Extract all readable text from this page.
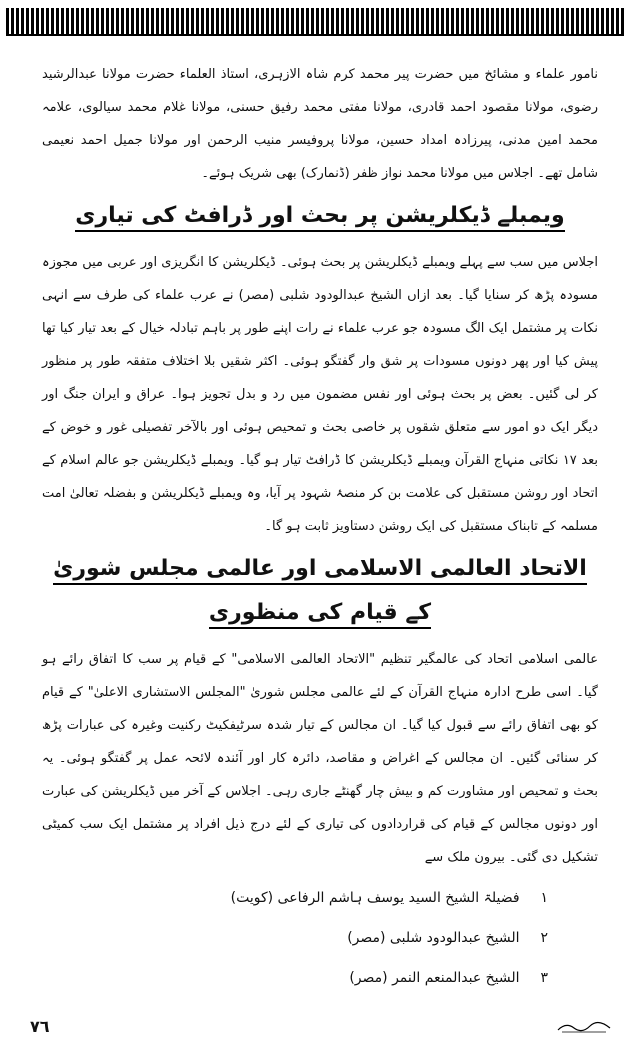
نامور علماء و مشائخ میں حضرت پیر محمد کرم شاہ الازہری، استاذ العلماء حضرت مولانا عبدالرشید رضوی، مولانا مقصود احمد قادری، مولانا مفتی محمد رفیق حسنی، مولانا غلام محمد سیالوی، علامہ محمد امین مدنی، پیرزادہ امداد حسین، مولانا پروفیسر منیب الرحمن اور مولانا جمیل احمد نعیمی شامل تھے۔ اجلاس میں مولانا محمد نواز ظفر (ڈنمارک) بھی شریک ہوئے۔

ویمبلے ڈیکلریشن پر بحث اور ڈرافٹ کی تیاری

اجلاس میں سب سے پہلے ویمبلے ڈیکلریشن پر بحث ہوئی۔ ڈیکلریشن کا انگریزی اور عربی میں مجوزہ مسودہ پڑھ کر سنایا گیا۔ بعد ازاں الشیخ عبدالودود شلبی (مصر) نے عرب علماء کی طرف سے انہی نکات پر مشتمل ایک الگ مسودہ جو عرب علماء نے رات اپنے طور پر باہم تبادلہ خیال کے بعد تیار کیا تھا پیش کیا اور پھر دونوں مسودات پر شق وار گفتگو ہوئی۔ اکثر شقیں بلا اختلاف متفقہ طور پر منظور کر لی گئیں۔ بعض پر بحث ہوئی اور نفس مضمون میں رد و بدل تجویز ہوا۔ عراق و ایران جنگ اور دیگر ایک دو امور سے متعلق شقوں پر خاصی بحث و تمحیص ہوئی اور بالآخر تفصیلی غور و خوض کے بعد ١٧ نکاتی منہاج القرآن ویمبلے ڈیکلریشن کا ڈرافٹ تیار ہو گیا۔ ویمبلے ڈیکلریشن جو عالم اسلام کے اتحاد اور روشن مستقبل کی علامت بن کر منصۂ شہود پر آیا، وہ ویمبلے ڈیکلریشن و بفضلہ تعالیٰ امت مسلمہ کے تابناک مستقبل کی ایک روشن دستاویز ثابت ہو گا۔

الاتحاد العالمی الاسلامی اور عالمی مجلس شوریٰ کے قیام کی منظوری

عالمی اسلامی اتحاد کی عالمگیر تنظیم "الاتحاد العالمی الاسلامی" کے قیام پر سب کا اتفاق رائے ہو گیا۔ اسی طرح ادارہ منہاج القرآن کے لئے عالمی مجلس شوریٰ "المجلس الاستشاری الاعلیٰ" کے قیام کو بھی اتفاق رائے سے قبول کیا گیا۔ ان مجالس کے تیار شدہ سرٹیفکیٹ رکنیت وغیرہ کی عبارات پڑھ کر سنائی گئیں۔ ان مجالس کے اغراض و مقاصد، دائرہ کار اور آئندہ لائحہ عمل پر گفتگو ہوئی۔ یہ بحث و تمحیص اور مشاورت کم و بیش چار گھنٹے جاری رہی۔ اجلاس کے آخر میں ڈیکلریشن کی عبارت اور دونوں مجالس کے قیام کی قراردادوں کی تیاری کے لئے درج ذیل افراد پر مشتمل ایک سب کمیٹی تشکیل دی گئی۔ بیرون ملک سے

١ فضیلۃ الشیخ السید یوسف ہاشم الرفاعی (کویت)
٢ الشیخ عبدالودود شلبی (مصر)
٣ الشیخ عبدالمنعم النمر (مصر)
٧٦
